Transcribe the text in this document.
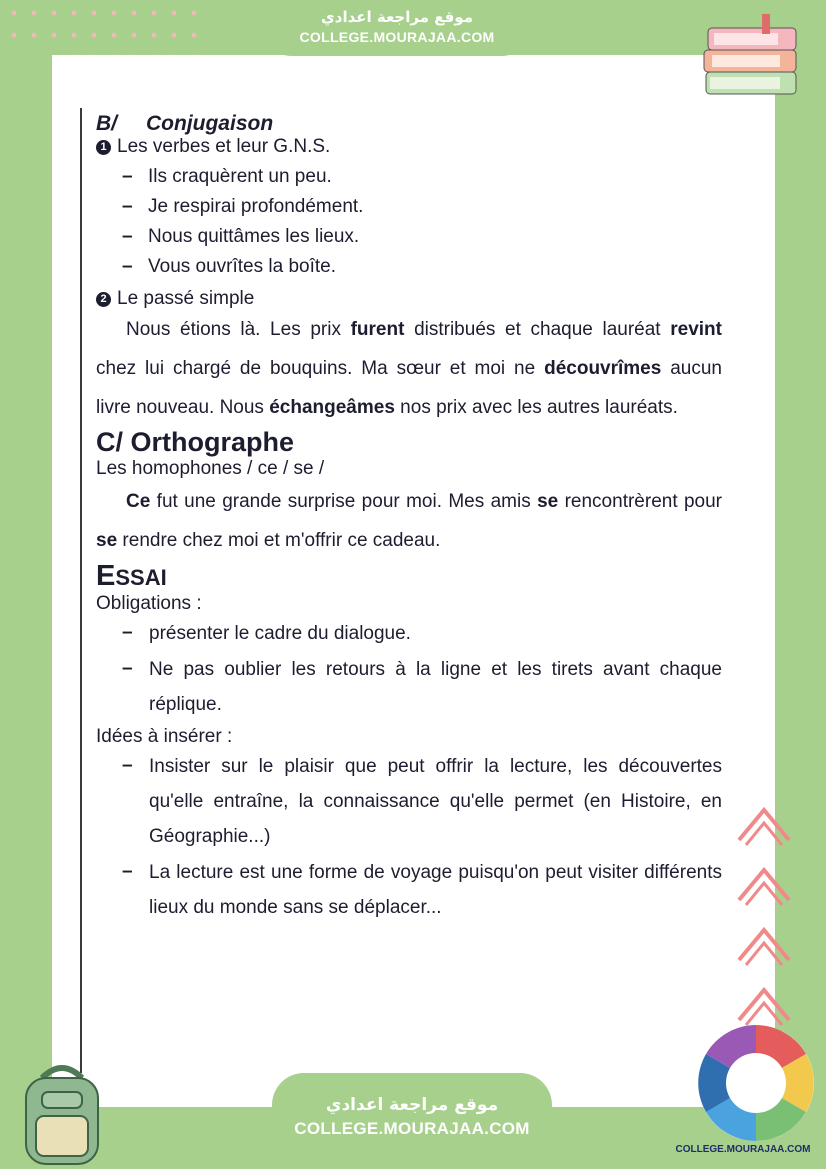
موقع مراجعة اعدادي
COLLEGE.MOURAJAA.COM

B/ Conjugaison

1 Les verbes et leur G.N.S.

– Ils craquèrent un peu.
– Je respirai profondément.
– Nous quittâmes les lieux.
– Vous ouvrîtes la boîte.

2 Le passé simple

Nous étions là. Les prix furent distribués et chaque lauréat revint chez lui chargé de bouquins. Ma sœur et moi ne découvrîmes aucun livre nouveau. Nous échangeâmes nos prix avec les autres lauréats.

C/ Orthographe

Les homophones / ce / se /

Ce fut une grande surprise pour moi. Mes amis se rencontrèrent pour se rendre chez moi et m'offrir ce cadeau.

ESSAI

Obligations :

– présenter le cadre du dialogue.
– Ne pas oublier les retours à la ligne et les tirets avant chaque réplique.

Idées à insérer :

– Insister sur le plaisir que peut offrir la lecture, les découvertes qu'elle entraîne, la connaissance qu'elle permet (en Histoire, en Géographie...)
– La lecture est une forme de voyage puisqu'on peut visiter différents lieux du monde sans se déplacer...
موقع مراجعة اعدادي
COLLEGE.MOURAJAA.COM
COLLEGE.MOURAJAA.COM
